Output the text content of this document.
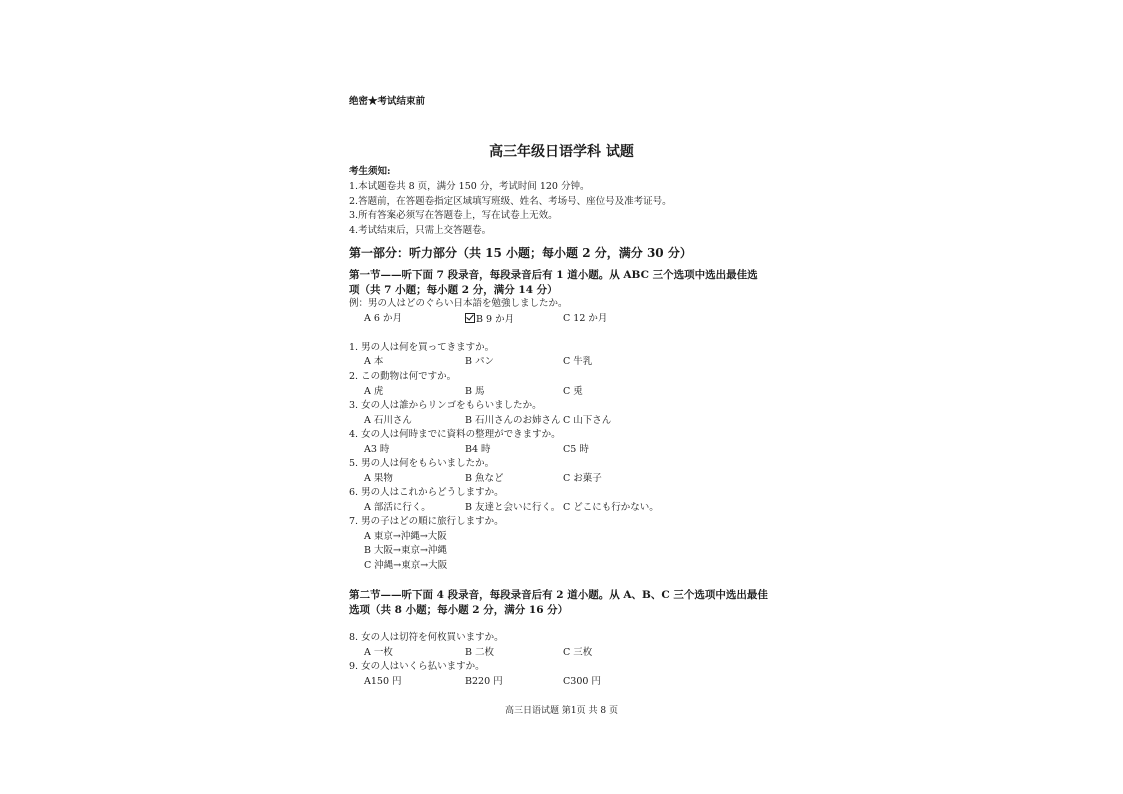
绝密★考试结束前
高三年级日语学科 试题
考生须知:
1.本试题卷共 8 页，满分 150 分，考试时间 120 分钟。
2.答题前，在答题卷指定区域填写班级、姓名、考场号、座位号及准考证号。
3.所有答案必须写在答题卷上，写在试卷上无效。
4.考试结束后，只需上交答题卷。
第一部分：听力部分（共 15 小题；每小题 2 分，满分 30 分）
第一节——听下面 7 段录音，每段录音后有 1 道小题。从 ABC 三个选项中选出最佳选
项（共 7 小题；每小题 2 分，满分 14 分）
例：男の人はどのぐらい日本語を勉強しましたか。
A 6 か月	B 9 か月	C 12 か月
1. 男の人は何を買ってきますか。
A 本	B パン	C 牛乳
2. この動物は何ですか。
A 虎	B 馬	C 兎
3. 女の人は誰からリンゴをもらいましたか。
A 石川さん	B 石川さんのお姉さん C 山下さん
4. 女の人は何時までに資料の整理ができますか。
A3 時	B4 時	C5 時
5. 男の人は何をもらいましたか。
A 果物	B 魚など	C お菓子
6. 男の人はこれからどうしますか。
A 部活に行く。	B 友達と会いに行く。 C どこにも行かない。
7. 男の子はどの順に旅行しますか。
A 東京→沖縄→大阪
B 大阪→東京→沖縄
C 沖縄→東京→大阪
第二节——听下面 4 段录音，每段录音后有 2 道小题。从 A、B、C 三个选项中选出最佳
选项（共 8 小题；每小题 2 分，满分 16 分）
8. 女の人は切符を何枚買いますか。
A 一枚	B 二枚	C 三枚
9. 女の人はいくら払いますか。
A150 円	B220 円	C300 円
高三日语试题 第1页 共 8 页
